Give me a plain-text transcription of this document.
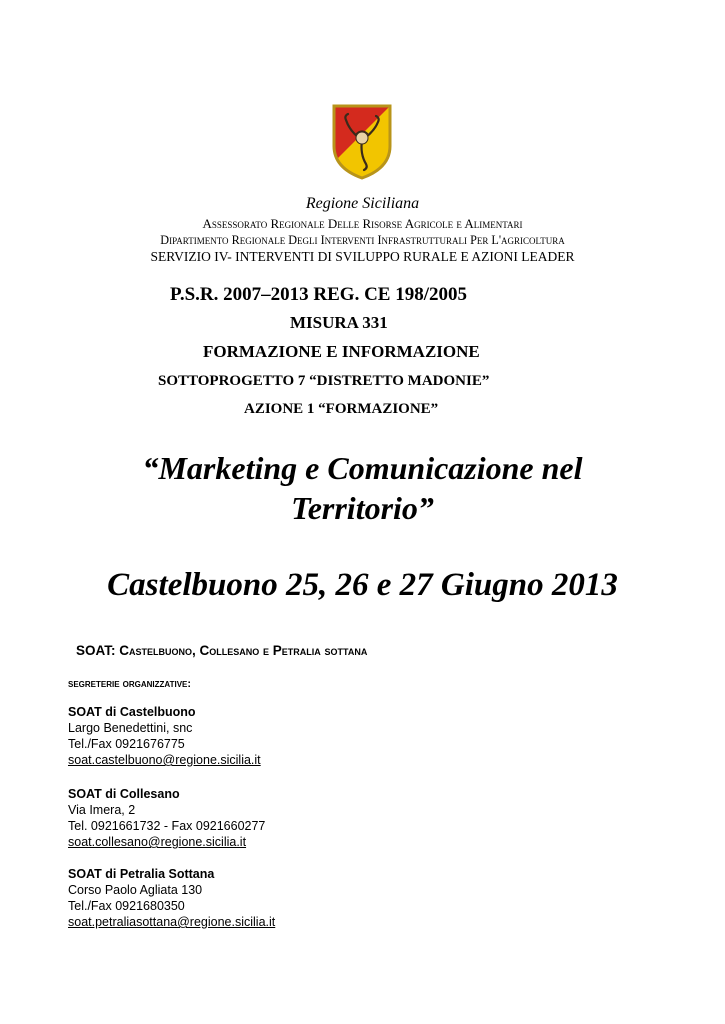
Regione Siciliana
Assessorato Regionale Delle Risorse Agricole e Alimentari
Dipartimento Regionale Degli Interventi Infrastrutturali Per L'agricoltura
SERVIZIO IV- INTERVENTI DI SVILUPPO RURALE E AZIONI LEADER
P.S.R. 2007–2013 REG. CE 198/2005
MISURA 331
FORMAZIONE E INFORMAZIONE
SOTTOPROGETTO 7 “DISTRETTO MADONIE”
AZIONE 1 “FORMAZIONE”
“Marketing e Comunicazione nel
Territorio”
Castelbuono 25, 26 e 27 Giugno 2013
SOAT: Castelbuono, Collesano e Petralia sottana
segreterie organizzative:
SOAT di Castelbuono
Largo Benedettini, snc
Tel./Fax 0921676775
soat.castelbuono@regione.sicilia.it
SOAT di Collesano
Via Imera, 2
Tel. 0921661732 - Fax 0921660277
soat.collesano@regione.sicilia.it
SOAT di Petralia Sottana
Corso Paolo Agliata 130
Tel./Fax 0921680350
soat.petraliasottana@regione.sicilia.it
